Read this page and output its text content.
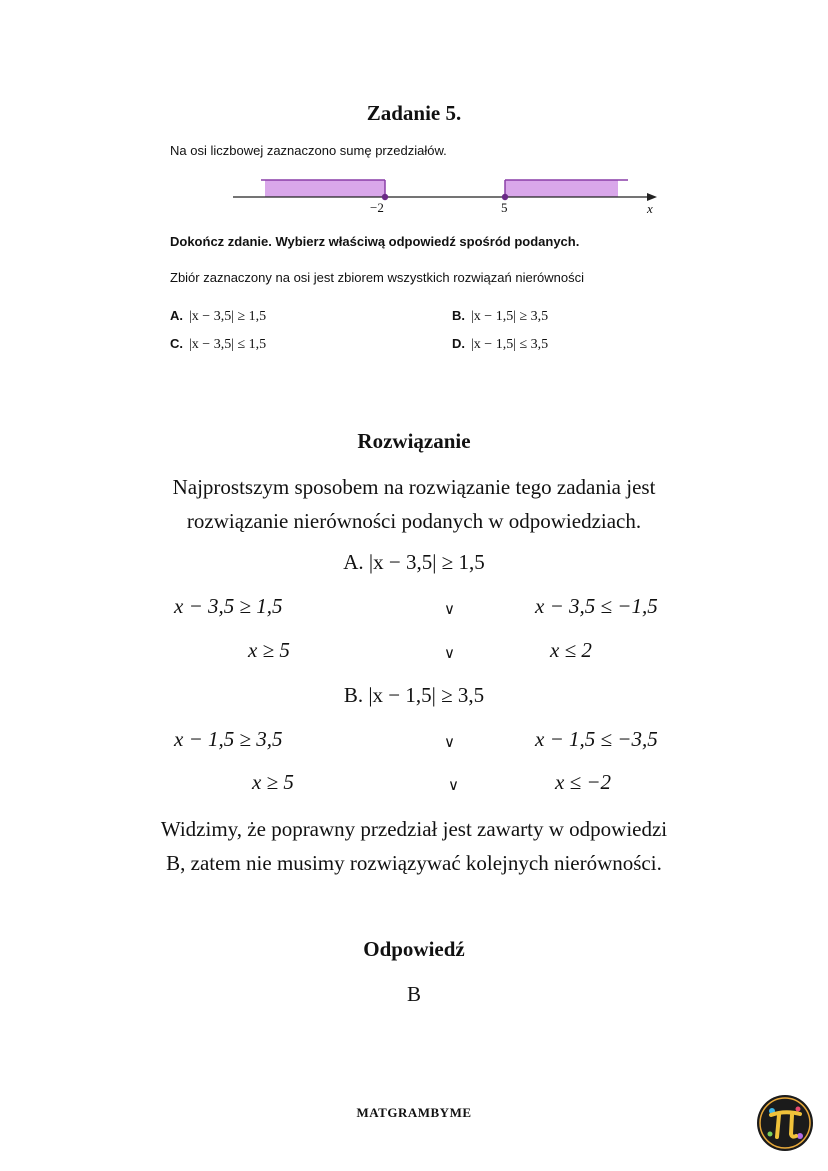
Zadanie 5.
Na osi liczbowej zaznaczono sumę przedziałów.
−2	5	x
Dokończ zdanie. Wybierz właściwą odpowiedź spośród podanych.
Zbiór zaznaczony na osi jest zbiorem wszystkich rozwiązań nierówności
A. |x − 3,5| ≥ 1,5	B. |x − 1,5| ≥ 3,5
C. |x − 3,5| ≤ 1,5	D. |x − 1,5| ≤ 3,5
Rozwiązanie
Najprostszym sposobem na rozwiązanie tego zadania jest
rozwiązanie nierówności podanych w odpowiedziach.
A. |x − 3,5| ≥ 1,5
x − 3,5 ≥ 1,5	∨	x − 3,5 ≤ −1,5
x ≥ 5	∨	x ≤ 2
B. |x − 1,5| ≥ 3,5
x − 1,5 ≥ 3,5	∨	x − 1,5 ≤ −3,5
x ≥ 5	∨	x ≤ −2
Widzimy, że poprawny przedział jest zawarty w odpowiedzi
B, zatem nie musimy rozwiązywać kolejnych nierówności.
Odpowiedź
B
MATGRAMBYME
